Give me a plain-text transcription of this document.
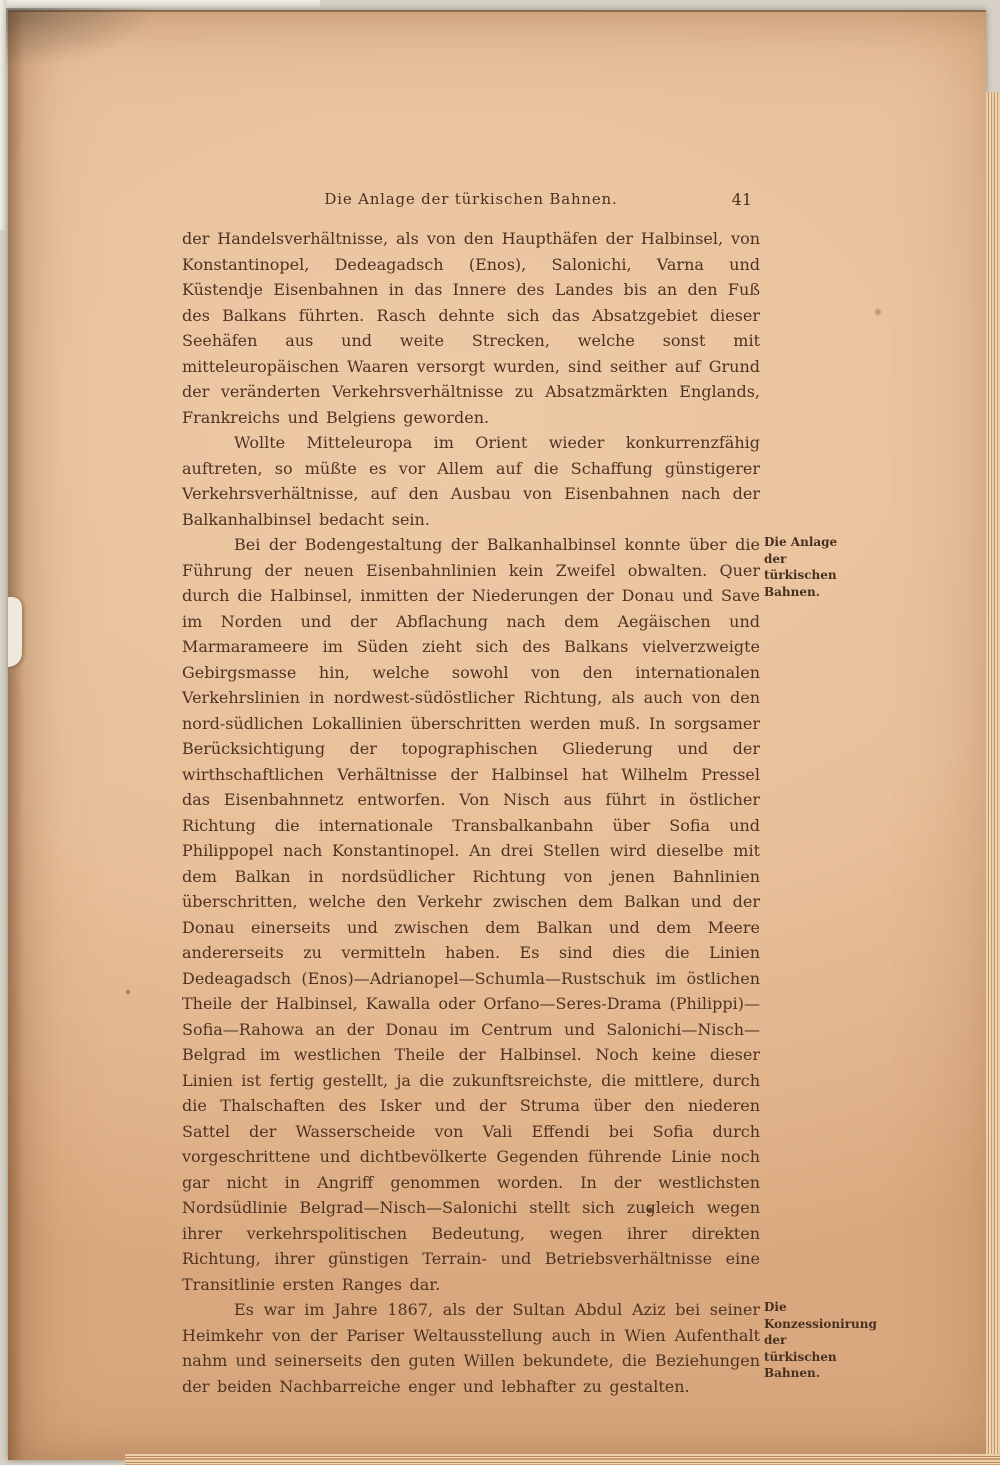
Die Anlage der türkischen Bahnen.	41

der Handelsverhältnisse, als von den Haupthäfen der Halbinsel, von Konstantinopel, Dedeagadsch (Enos), Salonichi, Varna und Küstendje Eisenbahnen in das Innere des Landes bis an den Fuß des Balkans führten. Rasch dehnte sich das Absatzgebiet dieser Seehäfen aus und weite Strecken, welche sonst mit mitteleuropäischen Waaren versorgt wurden, sind seither auf Grund der veränderten Verkehrsverhältnisse zu Absatzmärkten Englands, Frankreichs und Belgiens geworden.

Wollte Mitteleuropa im Orient wieder konkurrenzfähig auftreten, so müßte es vor Allem auf die Schaffung günstigerer Verkehrsverhältnisse, auf den Ausbau von Eisenbahnen nach der Balkanhalbinsel bedacht sein.

Bei der Bodengestaltung der Balkanhalbinsel konnte über die Führung der neuen Eisenbahnlinien kein Zweifel obwalten. Quer durch die Halbinsel, inmitten der Niederungen der Donau und Save im Norden und der Abflachung nach dem Aegäischen und Marmarameere im Süden zieht sich des Balkans vielverzweigte Gebirgsmasse hin, welche sowohl von den internationalen Verkehrslinien in nordwest-südöstlicher Richtung, als auch von den nord-südlichen Lokallinien überschritten werden muß. In sorgsamer Berücksichtigung der topographischen Gliederung und der wirthschaftlichen Verhältnisse der Halbinsel hat Wilhelm Pressel das Eisenbahnnetz entworfen. Von Nisch aus führt in östlicher Richtung die internationale Transbalkanbahn über Sofia und Philippopel nach Konstantinopel. An drei Stellen wird dieselbe mit dem Balkan in nordsüdlicher Richtung von jenen Bahnlinien überschritten, welche den Verkehr zwischen dem Balkan und der Donau einerseits und zwischen dem Balkan und dem Meere andererseits zu vermitteln haben. Es sind dies die Linien Dedeagadsch (Enos)—Adrianopel—Schumla—Rustschuk im östlichen Theile der Halbinsel, Kawalla oder Orfano—Seres-Drama (Philippi)—Sofia—Rahowa an der Donau im Centrum und Salonichi—Nisch—Belgrad im westlichen Theile der Halbinsel. Noch keine dieser Linien ist fertig gestellt, ja die zukunftsreichste, die mittlere, durch die Thalschaften des Isker und der Struma über den niederen Sattel der Wasserscheide von Vali Effendi bei Sofia durch vorgeschrittene und dichtbevölkerte Gegenden führende Linie noch gar nicht in Angriff genommen worden. In der westlichsten Nordsüdlinie Belgrad—Nisch—Salonichi stellt sich zugleich wegen ihrer verkehrspolitischen Bedeutung, wegen ihrer direkten Richtung, ihrer günstigen Terrain- und Betriebsverhältnisse eine Transitlinie ersten Ranges dar.

Die Anlage der türkischen Bahnen.

Es war im Jahre 1867, als der Sultan Abdul Aziz bei seiner Heimkehr von der Pariser Weltausstellung auch in Wien Aufenthalt nahm und seinerseits den guten Willen bekundete, die Beziehungen der beiden Nachbarreiche enger und lebhafter zu gestalten.

Die Konzessionirung der türkischen Bahnen.
